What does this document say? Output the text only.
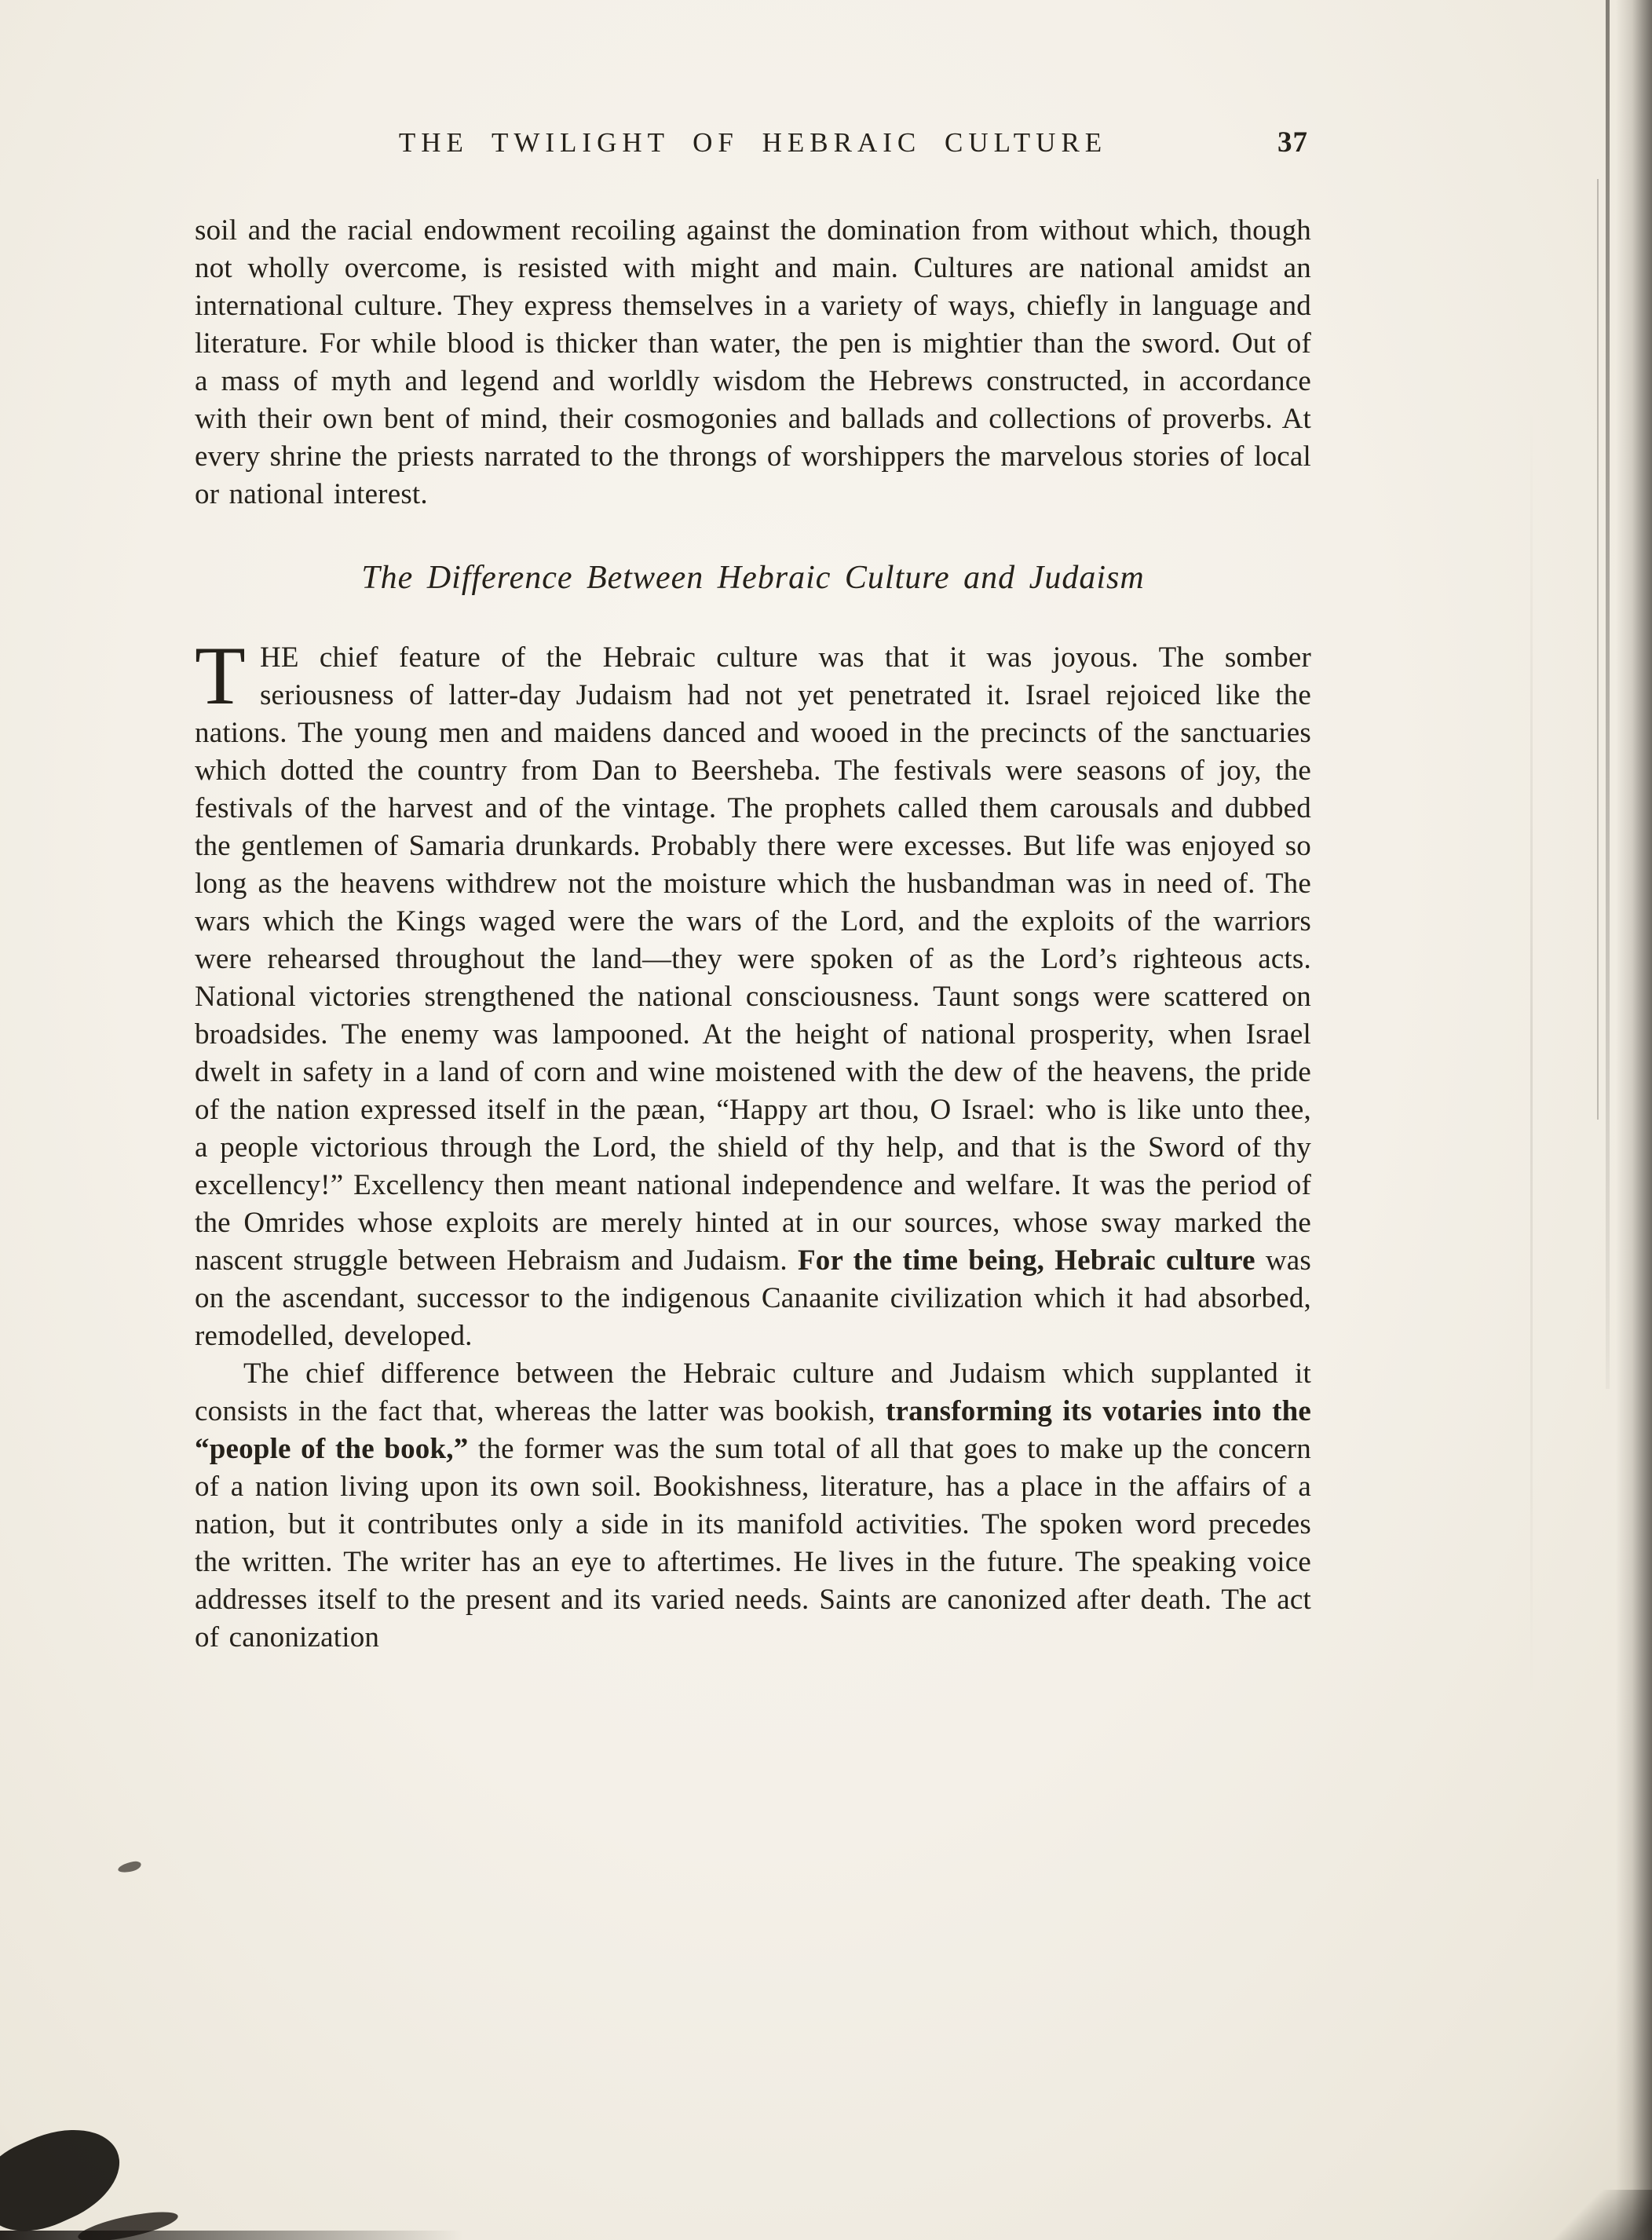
THE TWILIGHT OF HEBRAIC CULTURE	37

soil and the racial endowment recoiling against the domination from without which, though not wholly overcome, is resisted with might and main. Cultures are national amidst an international culture. They express themselves in a variety of ways, chiefly in language and literature. For while blood is thicker than water, the pen is mightier than the sword. Out of a mass of myth and legend and worldly wisdom the Hebrews constructed, in accordance with their own bent of mind, their cosmogonies and ballads and collections of proverbs. At every shrine the priests narrated to the throngs of worshippers the marvelous stories of local or national interest.

The Difference Between Hebraic Culture and Judaism

THE chief feature of the Hebraic culture was that it was joyous. The somber seriousness of latter-day Judaism had not yet penetrated it. Israel rejoiced like the nations. The young men and maidens danced and wooed in the precincts of the sanctuaries which dotted the country from Dan to Beersheba. The festivals were seasons of joy, the festivals of the harvest and of the vintage. The prophets called them carousals and dubbed the gentlemen of Samaria drunkards. Probably there were excesses. But life was enjoyed so long as the heavens withdrew not the moisture which the husbandman was in need of. The wars which the Kings waged were the wars of the Lord, and the exploits of the warriors were rehearsed throughout the land—they were spoken of as the Lord’s righteous acts. National victories strengthened the national consciousness. Taunt songs were scattered on broadsides. The enemy was lampooned. At the height of national prosperity, when Israel dwelt in safety in a land of corn and wine moistened with the dew of the heavens, the pride of the nation expressed itself in the pæan, “Happy art thou, O Israel: who is like unto thee, a people victorious through the Lord, the shield of thy help, and that is the Sword of thy excellency!” Excellency then meant national independence and welfare. It was the period of the Omrides whose exploits are merely hinted at in our sources, whose sway marked the nascent struggle between Hebraism and Judaism. For the time being, Hebraic culture was on the ascendant, successor to the indigenous Canaanite civilization which it had absorbed, remodelled, developed.

The chief difference between the Hebraic culture and Judaism which supplanted it consists in the fact that, whereas the latter was bookish, transforming its votaries into the “people of the book,” the former was the sum total of all that goes to make up the concern of a nation living upon its own soil. Bookishness, literature, has a place in the affairs of a nation, but it contributes only a side in its manifold activities. The spoken word precedes the written. The writer has an eye to aftertimes. He lives in the future. The speaking voice addresses itself to the present and its varied needs. Saints are canonized after death. The act of canonization
